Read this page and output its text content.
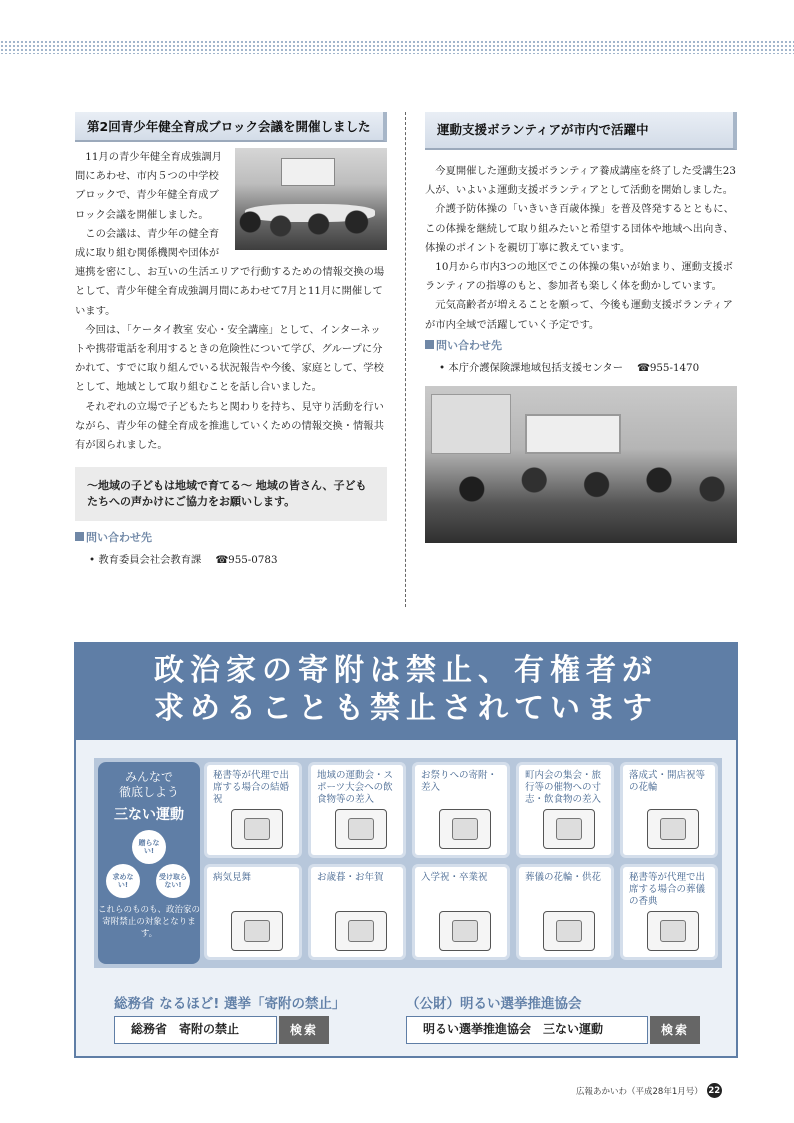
第2回青少年健全育成ブロック会議を開催しました

11月の青少年健全育成強調月間にあわせ、市内５つの中学校ブロックで、青少年健全育成ブロック会議を開催しました。

この会議は、青少年の健全育成に取り組む関係機関や団体が連携を密にし、お互いの生活エリアで行動するための情報交換の場として、青少年健全育成強調月間にあわせて7月と11月に開催しています。

今回は、「ケータイ教室 安心・安全講座」として、インターネットや携帯電話を利用するときの危険性について学び、グループに分かれて、すでに取り組んでいる状況報告や今後、家庭として、学校として、地域として取り組むことを話し合いました。

それぞれの立場で子どもたちと関わりを持ち、見守り活動を行いながら、青少年の健全育成を推進していくための情報交換・情報共有が図られました。

～地域の子どもは地域で育てる～ 地域の皆さん、子どもたちへの声かけにご協力をお願いします。
問い合わせ先
• 教育委員会社会教育課 ☎955-0783
運動支援ボランティアが市内で活躍中

今夏開催した運動支援ボランティア養成講座を終了した受講生23人が、いよいよ運動支援ボランティアとして活動を開始しました。

介護予防体操の「いきいき百歳体操」を普及啓発するとともに、この体操を継続して取り組みたいと希望する団体や地域へ出向き、体操のポイントを親切丁寧に教えています。

10月から市内3つの地区でこの体操の集いが始まり、運動支援ボランティアの指導のもと、参加者も楽しく体を動かしています。

元気高齢者が増えることを願って、今後も運動支援ボランティアが市内全域で活躍していく予定です。

問い合わせ先
• 本庁介護保険課地域包括支援センター ☎955-1470
政治家の寄附は禁止、有権者が
求めることも禁止されています
みんなで
徹底しよう
三ない運動
贈らない!
求めない!
受け取らない!
これらのものも、政治家の寄附禁止の対象となります。
秘書等が代理で出席する場合の結婚祝
地域の運動会・スポーツ大会への飲食物等の差入
お祭りへの寄附・差入
町内会の集会・旅行等の催物への寸志・飲食物の差入
落成式・開店祝等の花輪
病気見舞	お歳暮・お年賀	入学祝・卒業祝	葬儀の花輪・供花	秘書等が代理で出席する場合の葬儀の香典
総務省 なるほど! 選挙「寄附の禁止」	（公財）明るい選挙推進協会
総務省　寄附の禁止	検索	明るい選挙推進協会　三ない運動	検索
広報あかいわ（平成28年1月号） 22
